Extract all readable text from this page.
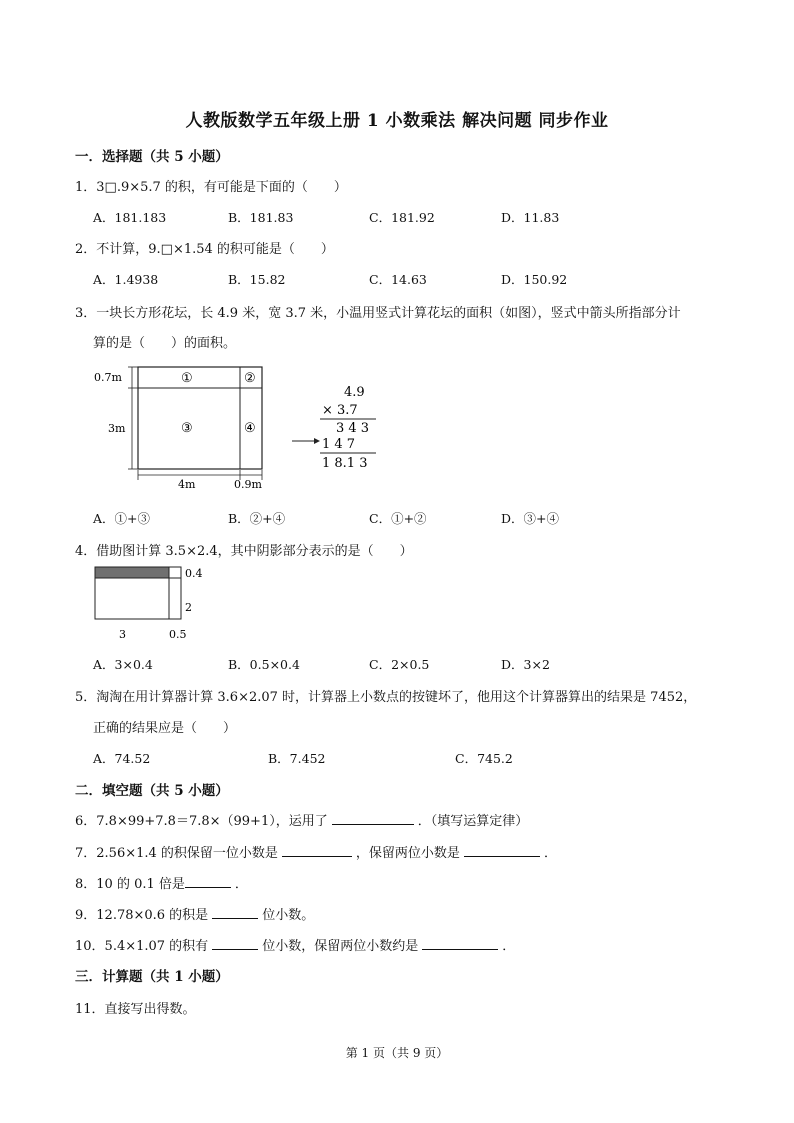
人教版数学五年级上册 1 小数乘法 解决问题 同步作业
一．选择题（共 5 小题）
1．3□.9×5.7 的积，有可能是下面的（　　）
A．181.183	B．181.83	C．181.92	D．11.83
2．不计算，9.□×1.54 的积可能是（　　）
A．1.4938	B．15.82	C．14.63	D．150.92
3．一块长方形花坛，长 4.9 米，宽 3.7 米，小温用竖式计算花坛的面积（如图），竖式中箭头所指部分计
算的是（　　）的面积。
0.7m
3m
4m	0.9m
①	②
③	④
4.9
× 3.7
3 4 3
1 4 7
1 8.1 3
A．①+③	B．②+④	C．①+②	D．③+④
4．借助图计算 3.5×2.4，其中阴影部分表示的是（　　）
0.4
2
3	0.5
A．3×0.4	B．0.5×0.4	C．2×0.5	D．3×2
5．淘淘在用计算器计算 3.6×2.07 时，计算器上小数点的按键坏了，他用这个计算器算出的结果是 7452，
正确的结果应是（　　）
A．74.52	B．7.452	C．745.2
二．填空题（共 5 小题）
6．7.8×99+7.8＝7.8×（99+1），运用了	．（填写运算定律）
7．2.56×1.4 的积保留一位小数是	，保留两位小数是	．
8．10 的 0.1 倍是	．
9．12.78×0.6 的积是	位小数。
10．5.4×1.07 的积有	位小数，保留两位小数约是	．
三．计算题（共 1 小题）
11．直接写出得数。
第 1 页（共 9 页）
